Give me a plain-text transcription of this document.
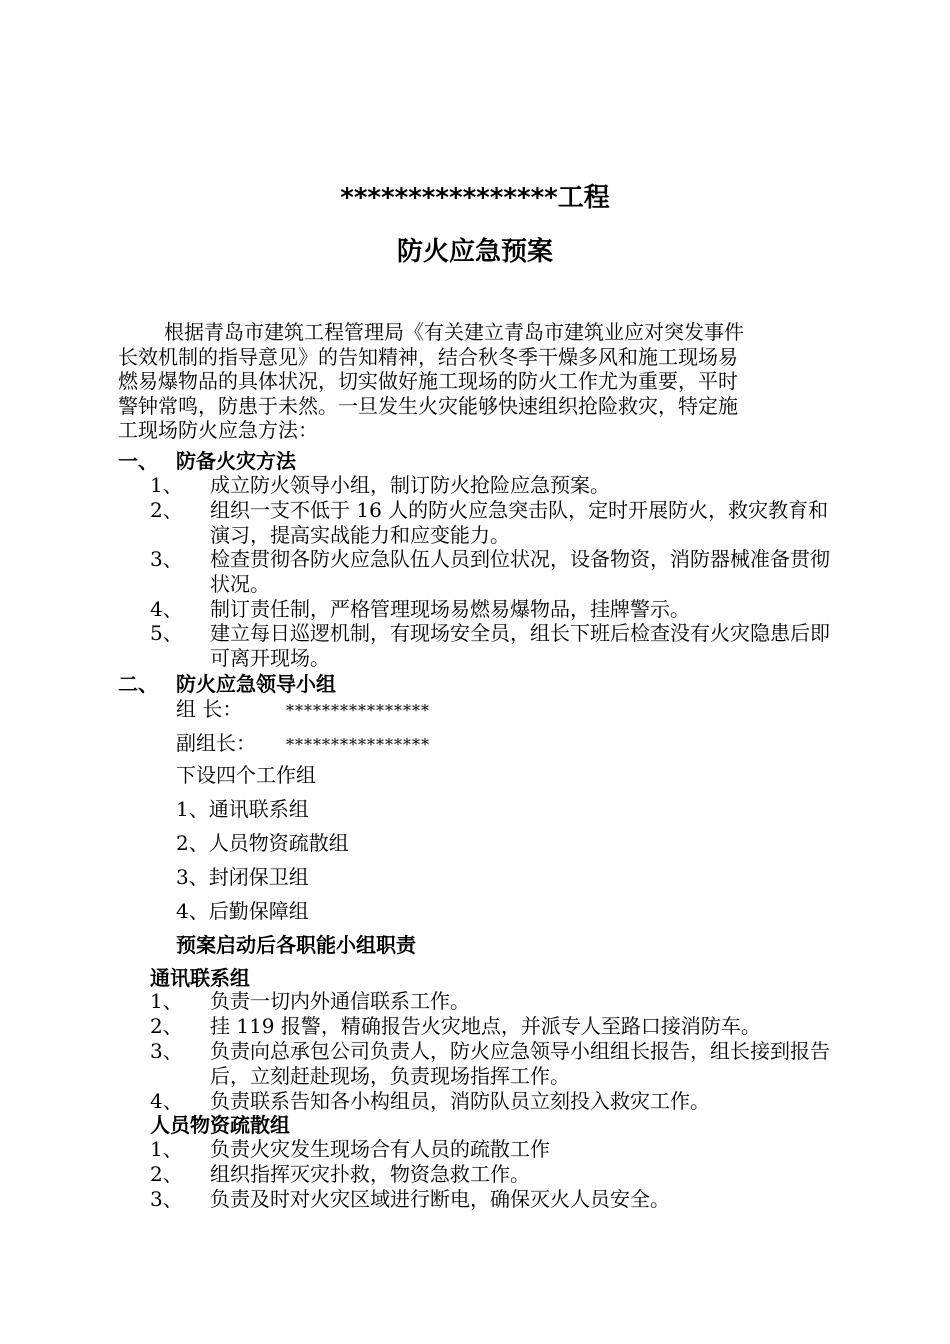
****************工程
防火应急预案

根据青岛市建筑工程管理局《有关建立青岛市建筑业应对突发事件
长效机制的指导意见》的告知精神，结合秋冬季干燥多风和施工现场易
燃易爆物品的具体状况，切实做好施工现场的防火工作尤为重要，平时
警钟常鸣，防患于未然。一旦发生火灾能够快速组织抢险救灾，特定施
工现场防火应急方法：

一、 防备火灾方法
1、 成立防火领导小组，制订防火抢险应急预案。
2、 组织一支不低于 16 人的防火应急突击队，定时开展防火，救灾教育和演习，提高实战能力和应变能力。
3、 检查贯彻各防火应急队伍人员到位状况，设备物资，消防器械准备贯彻状况。
4、 制订责任制，严格管理现场易燃易爆物品，挂牌警示。
5、 建立每日巡逻机制，有现场安全员，组长下班后检查没有火灾隐患后即可离开现场。
二、 防火应急领导小组
组 长：	****************
副组长： ****************
下设四个工作组
1、通讯联系组
2、人员物资疏散组
3、封闭保卫组
4、后勤保障组
预案启动后各职能小组职责
通讯联系组
1、 负责一切内外通信联系工作。
2、 挂 119 报警，精确报告火灾地点，并派专人至路口接消防车。
3、 负责向总承包公司负责人，防火应急领导小组组长报告，组长接到报告后，立刻赶赴现场，负责现场指挥工作。
4、 负责联系告知各小构组员，消防队员立刻投入救灾工作。
人员物资疏散组
1、 负责火灾发生现场合有人员的疏散工作
2、 组织指挥灭灾扑救，物资急救工作。
3、 负责及时对火灾区域进行断电，确保灭火人员安全。
